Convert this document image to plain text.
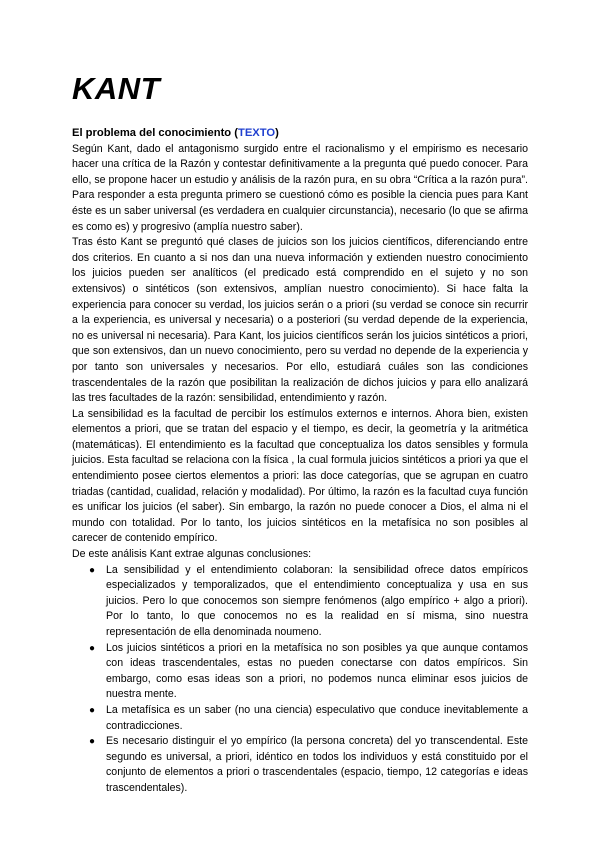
KANT

El problema del conocimiento (TEXTO)

Según Kant, dado el antagonismo surgido entre el racionalismo y el empirismo es necesario hacer una crítica de la Razón y contestar definitivamente a la pregunta qué puedo conocer. Para ello, se propone hacer un estudio y análisis de la razón pura, en su obra “Crítica a la razón pura”. Para responder a esta pregunta primero se cuestionó cómo es posible la ciencia pues para Kant éste es un saber universal (es verdadera en cualquier circunstancia), necesario (lo que se afirma es como es) y progresivo (amplía nuestro saber).

Tras ésto Kant se preguntó qué clases de juicios son los juicios científicos, diferenciando entre dos criterios. En cuanto a si nos dan una nueva información y extienden nuestro conocimiento los juicios pueden ser analíticos (el predicado está comprendido en el sujeto y no son extensivos) o sintéticos (son extensivos, amplían nuestro conocimiento). Si hace falta la experiencia para conocer su verdad, los juicios serán o a priori (su verdad se conoce sin recurrir a la experiencia, es universal y necesaria) o a posteriori (su verdad depende de la experiencia, no es universal ni necesaria). Para Kant, los juicios científicos serán los juicios sintéticos a priori, que son extensivos, dan un nuevo conocimiento, pero su verdad no depende de la experiencia y por tanto son universales y necesarios. Por ello, estudiará cuáles son las condiciones trascendentales de la razón que posibilitan la realización de dichos juicios y para ello analizará las tres facultades de la razón: sensibilidad, entendimiento y razón.

La sensibilidad es la facultad de percibir los estímulos externos e internos. Ahora bien, existen elementos a priori, que se tratan del espacio y el tiempo, es decir, la geometría y la aritmética (matemáticas). El entendimiento es la facultad que conceptualiza los datos sensibles y formula juicios. Esta facultad se relaciona con la física , la cual formula juicios sintéticos a priori ya que el entendimiento posee ciertos elementos a priori: las doce categorías, que se agrupan en cuatro triadas (cantidad, cualidad, relación y modalidad). Por último, la razón es la facultad cuya función es unificar los juicios (el saber). Sin embargo, la razón no puede conocer a Dios, el alma ni el mundo con totalidad. Por lo tanto, los juicios sintéticos en la metafísica no son posibles al carecer de contenido empírico.

De este análisis Kant extrae algunas conclusiones:

● La sensibilidad y el entendimiento colaboran: la sensibilidad ofrece datos empíricos especializados y temporalizados, que el entendimiento conceptualiza y usa en sus juicios. Pero lo que conocemos son siempre fenómenos (algo empírico + algo a priori). Por lo tanto, lo que conocemos no es la realidad en sí misma, sino nuestra representación de ella denominada noumeno.
● Los juicios sintéticos a priori en la metafísica no son posibles ya que aunque contamos con ideas trascendentales, estas no pueden conectarse con datos empíricos. Sin embargo, como esas ideas son a priori, no podemos nunca eliminar esos juicios de nuestra mente.
● La metafísica es un saber (no una ciencia) especulativo que conduce inevitablemente a contradicciones.
● Es necesario distinguir el yo empírico (la persona concreta) del yo transcendental. Este segundo es universal, a priori, idéntico en todos los individuos y está constituido por el conjunto de elementos a priori o trascendentales (espacio, tiempo, 12 categorías e ideas trascendentales).
